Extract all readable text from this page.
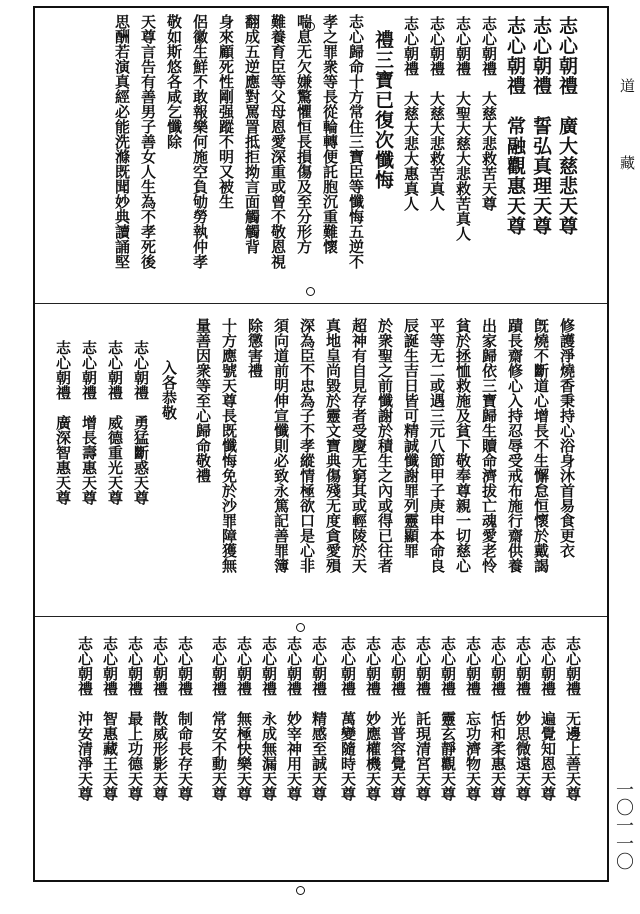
道
藏
一〇一一〇
志心朝禮　廣大慈悲天尊
志心朝禮　誓弘真理天尊
志心朝禮　常融觀惠天尊
志心朝禮　大慈大悲救苦天尊
志心朝禮　大聖大慈大悲救苦真人
志心朝禮　大慈大悲救苦真人
志心朝禮　大慈大悲大惠真人
禮三寶已復次懺悔
志心歸命十方常住三寶臣等懺悔五逆不
孝之罪衆等長從輪轉便託胞沉重難懷
喘息无欠嫌驚懼恒長損傷及至分形方
難養育臣等父母恩愛深重或曾不敬恩視
翻成五逆應對罵詈抵拒拗言面觸觸背
身來顧死性剛强蹤不明又被生
侶徽生鮮不敢報樂何施空負劬勞執仲孝
敬如斯悠各咸乞懺除
天尊言告有善男子善女人生為不孝死後
思酬若演真經必能洗滌既聞妙典讀誦堅
修護淨燒香秉持心浴身沐首易食更衣
旣燒不斷道心增長不生懈怠恒懷於戴謁
蹟長齋修心入持忍辱受戒布施行齋供養
出家歸依三寶歸生贖命濟拔亡魂愛老怜
貧於拯恤救施及貧下敬奉尊親一切慈心
平等无二或遇三元八節甲子庚申本命良
辰誕生吉日皆可精誠懺謝罪列靈顯罪
於衆聖之前懺謝於積生之內或得已往者
超神有自見存者受慶无窮其或輕陵於天
真地皇尚毀於靈文寶典傷殘无度貪愛殞
深為臣不忠為子不孝縱情極欲口是心非
須向道前明伸宣懺則必致永篤記善罪簿
除懲害禮
十方應號天尊長既懺悔免於沙罪障獲無
量善因衆等至心歸命敬禮
入各恭敬
志心朝禮　勇猛斷惑天尊
志心朝禮　威德重光天尊
志心朝禮　增長壽惠天尊
志心朝禮　廣深智惠天尊
志心朝禮　无邊上善天尊
志心朝禮　遍覺知恩天尊
志心朝禮　妙思微遠天尊
志心朝禮　恬和柔惠天尊
志心朝禮　忘功濟物天尊
志心朝禮　靈玄靜觀天尊
志心朝禮　託現清宮天尊
志心朝禮　光普容覺天尊
志心朝禮　妙應權機天尊
志心朝禮　萬變隨時天尊
志心朝禮　精感至誠天尊
志心朝禮　妙宰神用天尊
志心朝禮　永成無漏天尊
志心朝禮　無極快樂天尊
志心朝禮　常安不動天尊
志心朝禮　制命長存天尊
志心朝禮　散威形影天尊
志心朝禮　最上功德天尊
志心朝禮　智惠藏王天尊
志心朝禮　沖安清淨天尊
